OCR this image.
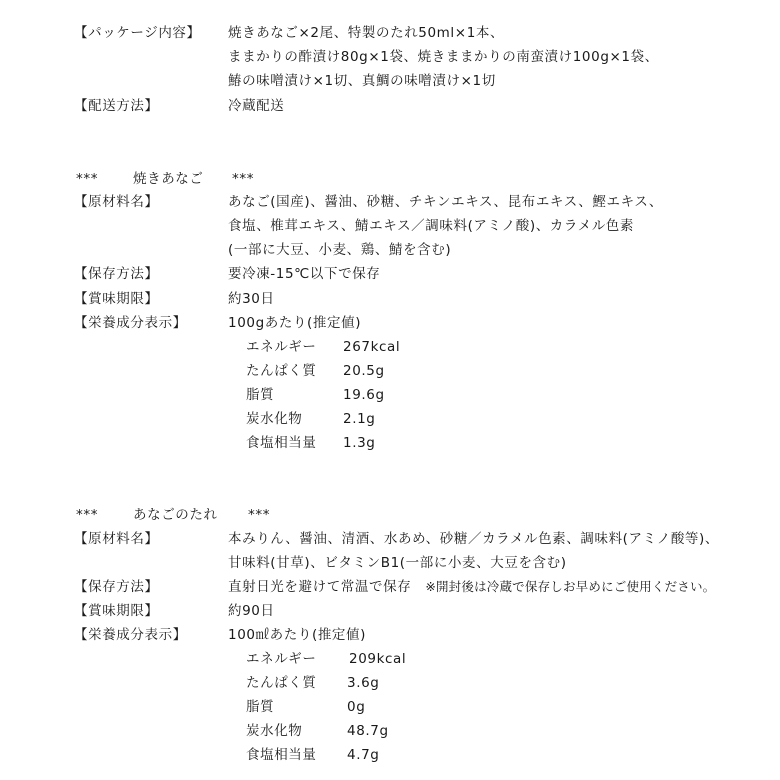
【パッケージ内容】 焼きあなご×2尾、特製のたれ50ml×1本、
ままかりの酢漬け80g×1袋、焼きままかりの南蛮漬け100g×1袋、
鰆の味噌漬け×1切、真鯛の味噌漬け×1切
【配送方法】	冷蔵配送
***	焼きあなご ***
【原材料名】	あなご(国産)、醤油、砂糖、チキンエキス、昆布エキス、鰹エキス、
食塩、椎茸エキス、鯖エキス／調味料(アミノ酸)、カラメル色素
(一部に大豆、小麦、鶏、鯖を含む)
【保存方法】	要冷凍-15℃以下で保存
【賞味期限】	約30日
【栄養成分表示】	100gあたり(推定値)
エネルギー 267kcal
たんぱく質 20.5g
脂質	19.6g
炭水化物	2.1g
食塩相当量 1.3g
***	あなごのたれ ***
【原材料名】	本みりん、醤油、清酒、水あめ、砂糖／カラメル色素、調味料(アミノ酸等)、
甘味料(甘草)、ビタミンB1(一部に小麦、大豆を含む)
【保存方法】	直射日光を避けて常温で保存 ※開封後は冷蔵で保存しお早めにご使用ください。
【賞味期限】	約90日
【栄養成分表示】	100㎖あたり(推定値)
エネルギー 209kcal
たんぱく質 3.6g
脂質	0g
炭水化物	48.7g
食塩相当量 4.7g
